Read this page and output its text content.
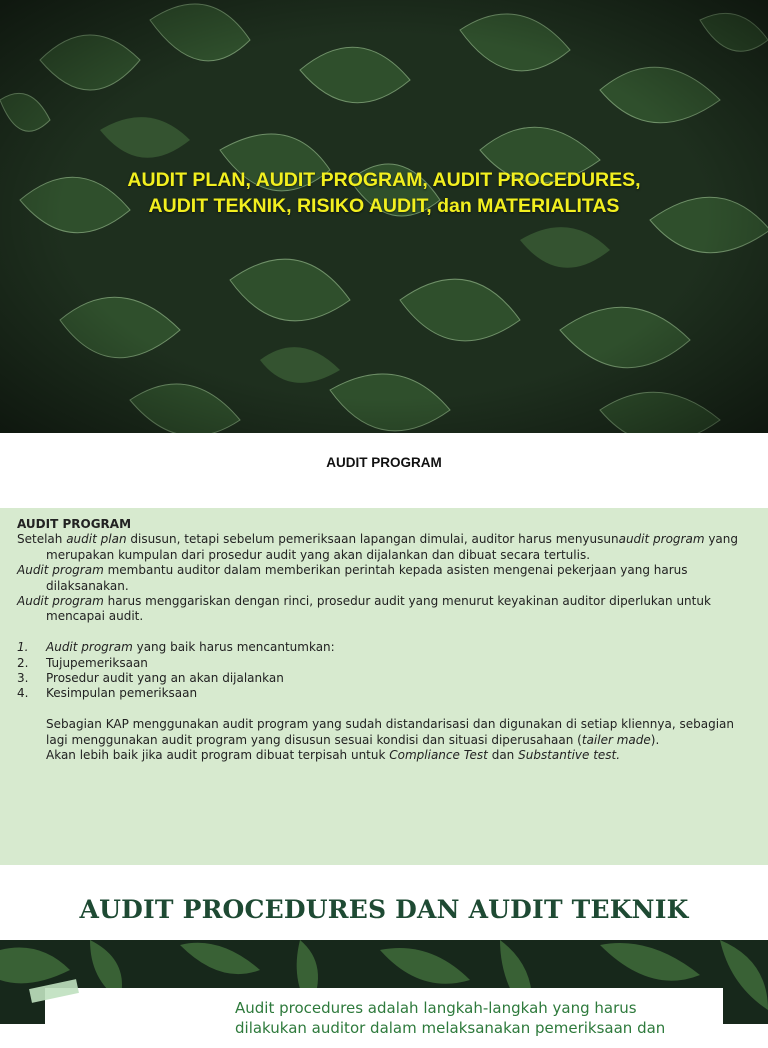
AUDIT PLAN, AUDIT PROGRAM, AUDIT PROCEDURES, AUDIT TEKNIK, RISIKO AUDIT, dan MATERIALITAS
AUDIT PROGRAM

AUDIT PROGRAM

Setelah audit plan disusun, tetapi sebelum pemeriksaan lapangan dimulai, auditor harus menyusunaudit program yang merupakan kumpulan dari prosedur audit yang akan dijalankan dan dibuat secara tertulis.

Audit program membantu auditor dalam memberikan perintah kepada asisten mengenai pekerjaan yang harus dilaksanakan.

Audit program harus menggariskan dengan rinci, prosedur audit yang menurut keyakinan auditor diperlukan untuk mencapai audit.

1.	Audit program yang baik harus mencantumkan:
2.	Tujupemeriksaan
3.	Prosedur audit yang an akan dijalankan
4.	Kesimpulan pemeriksaan

Sebagian KAP menggunakan audit program yang sudah distandarisasi dan digunakan di setiap kliennya, sebagian lagi menggunakan audit program yang disusun sesuai kondisi dan situasi diperusahaan (tailer made).

Akan lebih baik jika audit program dibuat terpisah untuk Compliance Test dan Substantive test.

AUDIT PROCEDURES DAN AUDIT TEKNIK
Audit procedures adalah langkah-langkah yang harus dilakukan auditor dalam melaksanakan pemeriksaan dan
